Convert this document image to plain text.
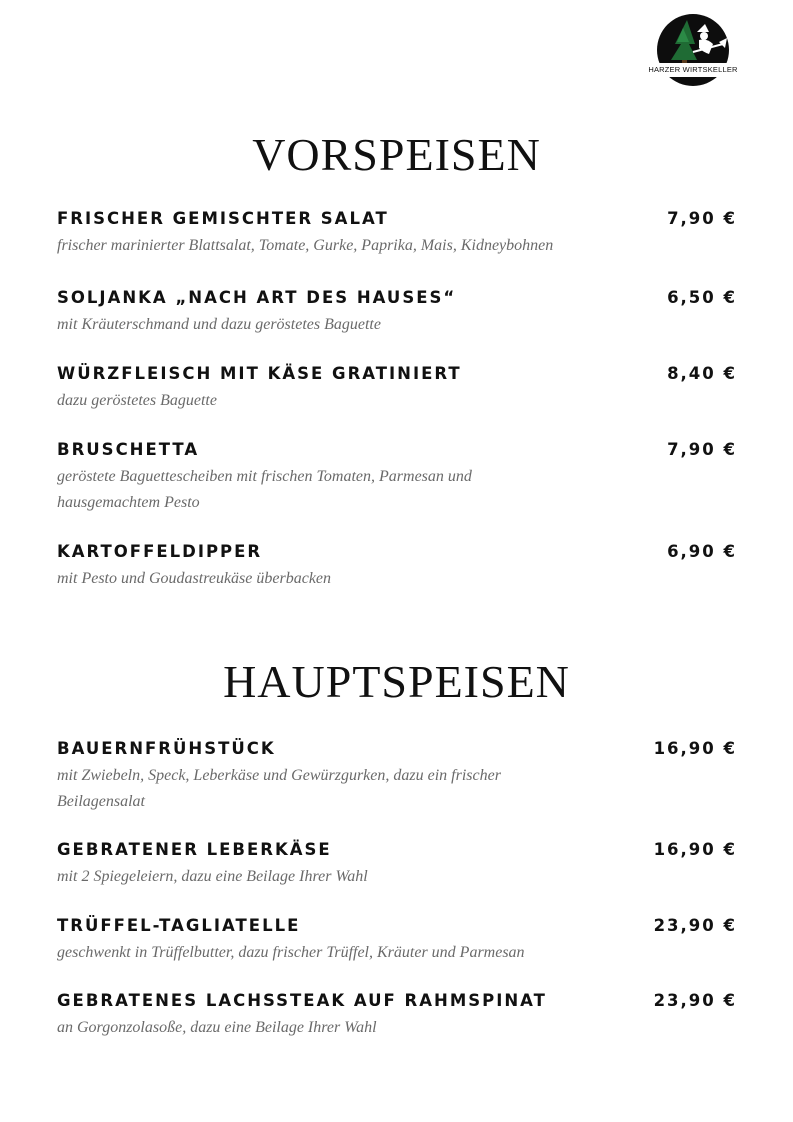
HARZER WIRTSKELLER
VORSPEISEN
FRISCHER GEMISCHTER SALAT	7,90 €
frischer marinierter Blattsalat, Tomate, Gurke, Paprika, Mais, Kidneybohnen
SOLJANKA „NACH ART DES HAUSES“	6,50 €
mit Kräuterschmand und dazu geröstetes Baguette
WÜRZFLEISCH MIT KÄSE GRATINIERT	8,40 €
dazu geröstetes Baguette
BRUSCHETTA	7,90 €
geröstete Baguettescheiben mit frischen Tomaten, Parmesan und hausgemachtem Pesto
KARTOFFELDIPPER	6,90 €
mit Pesto und Goudastreukäse überbacken
HAUPTSPEISEN
BAUERNFRÜHSTÜCK	16,90 €
mit Zwiebeln, Speck, Leberkäse und Gewürzgurken, dazu ein frischer Beilagensalat
GEBRATENER LEBERKÄSE	16,90 €
mit 2 Spiegeleiern, dazu eine Beilage Ihrer Wahl
TRÜFFEL-TAGLIATELLE	23,90 €
geschwenkt in Trüffelbutter, dazu frischer Trüffel, Kräuter und Parmesan
GEBRATENES LACHSSTEAK AUF RAHMSPINAT	23,90 €
an Gorgonzolasoße, dazu eine Beilage Ihrer Wahl
